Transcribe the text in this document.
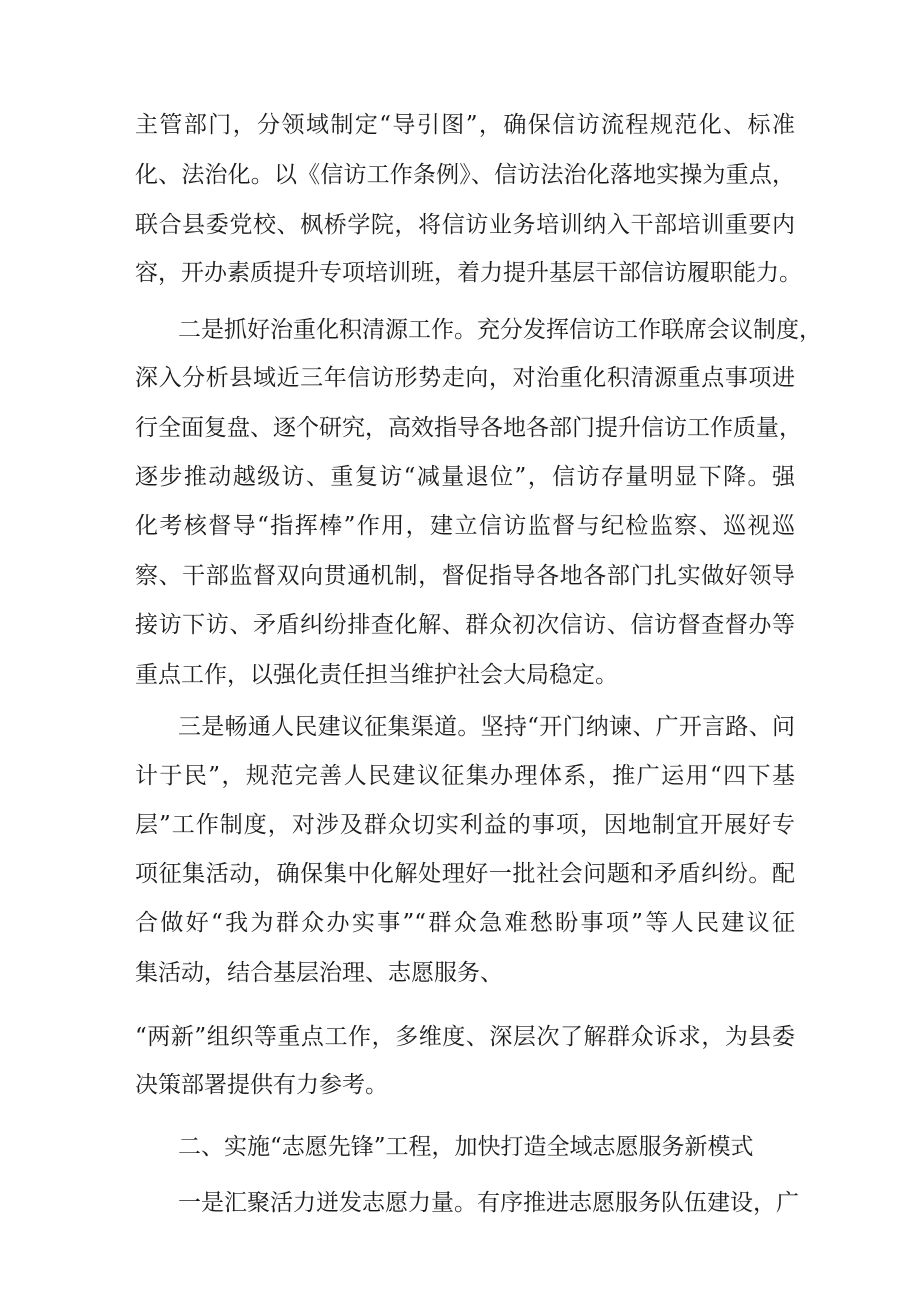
主管部门，分领域制定“导引图”，确保信访流程规范化、标准
化、法治化。以《信访工作条例》、信访法治化落地实操为重点，
联合县委党校、枫桥学院，将信访业务培训纳入干部培训重要内
容，开办素质提升专项培训班，着力提升基层干部信访履职能力。
二是抓好治重化积清源工作。充分发挥信访工作联席会议制度，
深入分析县域近三年信访形势走向，对治重化积清源重点事项进
行全面复盘、逐个研究，高效指导各地各部门提升信访工作质量，
逐步推动越级访、重复访“减量退位”，信访存量明显下降。强
化考核督导“指挥棒”作用，建立信访监督与纪检监察、巡视巡
察、干部监督双向贯通机制，督促指导各地各部门扎实做好领导
接访下访、矛盾纠纷排查化解、群众初次信访、信访督查督办等
重点工作，以强化责任担当维护社会大局稳定。
三是畅通人民建议征集渠道。坚持“开门纳谏、广开言路、问
计于民”，规范完善人民建议征集办理体系，推广运用“四下基
层”工作制度，对涉及群众切实利益的事项，因地制宜开展好专
项征集活动，确保集中化解处理好一批社会问题和矛盾纠纷。配
合做好“我为群众办实事”“群众急难愁盼事项”等人民建议征
集活动，结合基层治理、志愿服务、
“两新”组织等重点工作，多维度、深层次了解群众诉求，为县委
决策部署提供有力参考。
二、实施“志愿先锋”工程，加快打造全域志愿服务新模式
一是汇聚活力迸发志愿力量。有序推进志愿服务队伍建设，广
